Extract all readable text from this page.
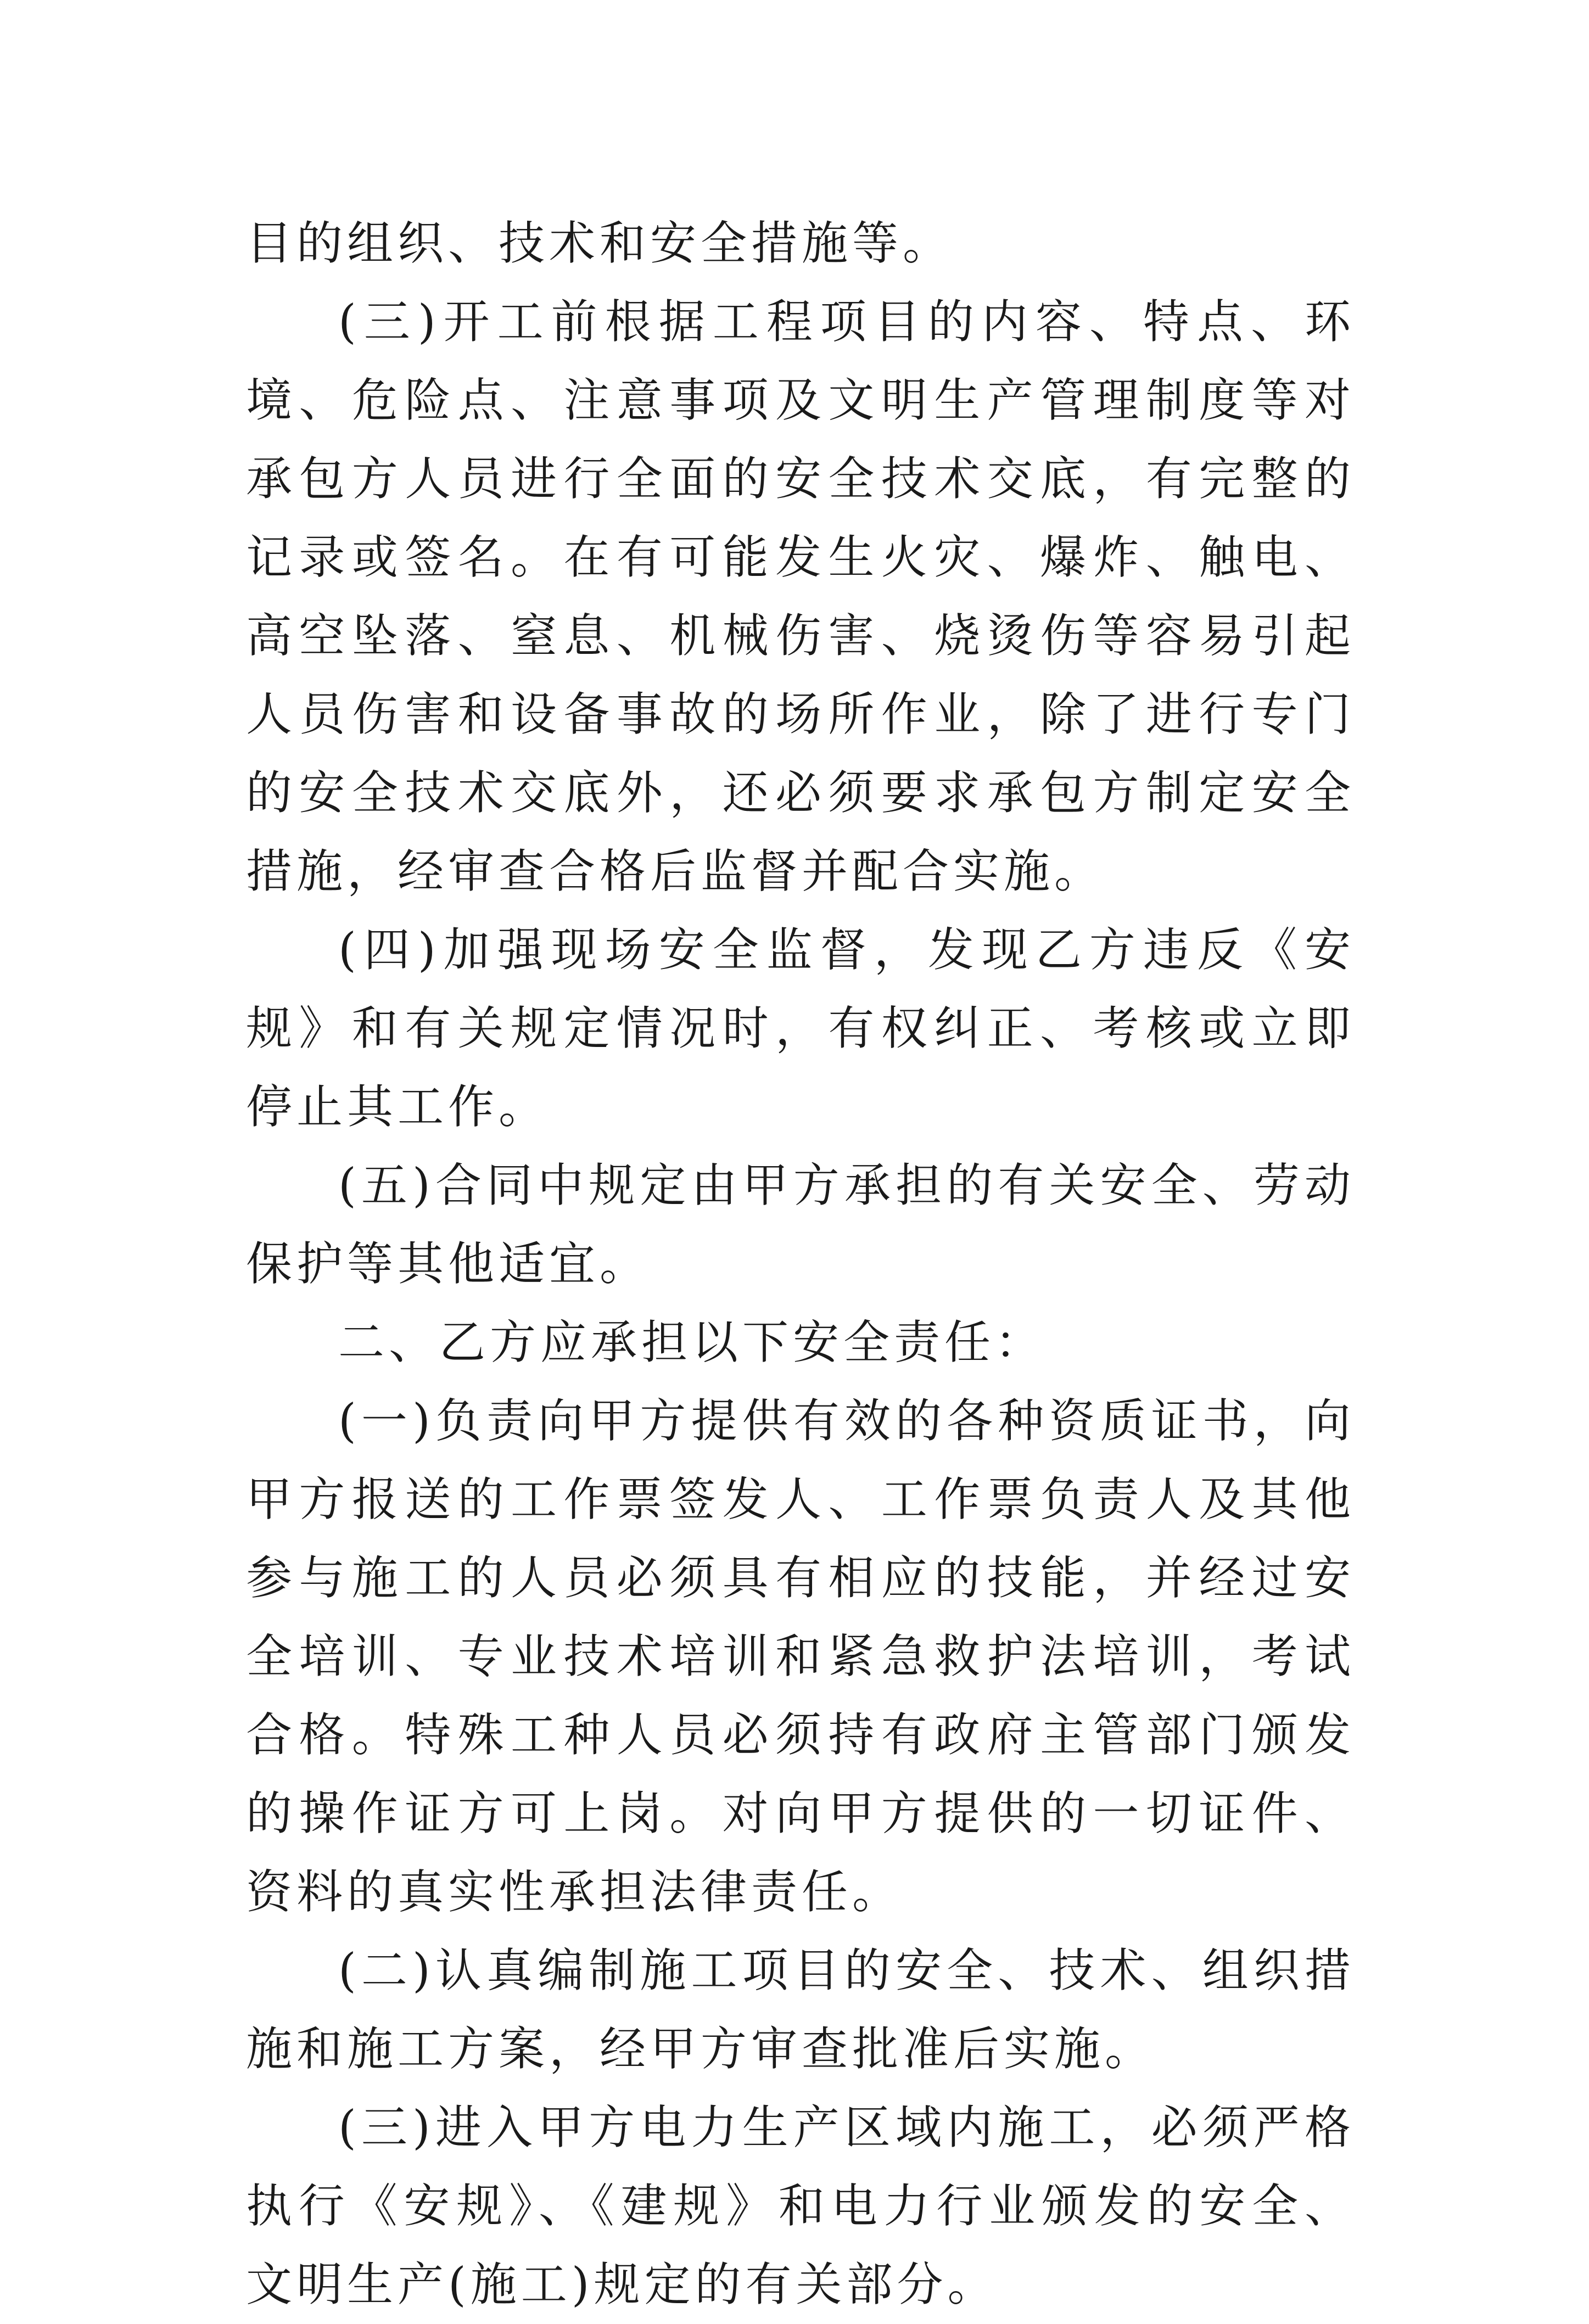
目的组织、技术和安全措施等。

(三)开工前根据工程项目的内容、特点、环境、危险点、注意事项及文明生产管理制度等对承包方人员进行全面的安全技术交底，有完整的记录或签名。在有可能发生火灾、爆炸、触电、高空坠落、窒息、机械伤害、烧烫伤等容易引起人员伤害和设备事故的场所作业，除了进行专门的安全技术交底外，还必须要求承包方制定安全措施，经审查合格后监督并配合实施。

(四)加强现场安全监督，发现乙方违反《安规》和有关规定情况时，有权纠正、考核或立即停止其工作。

(五)合同中规定由甲方承担的有关安全、劳动保护等其他适宜。

二、乙方应承担以下安全责任：

(一)负责向甲方提供有效的各种资质证书，向甲方报送的工作票签发人、工作票负责人及其他参与施工的人员必须具有相应的技能，并经过安全培训、专业技术培训和紧急救护法培训，考试合格。特殊工种人员必须持有政府主管部门颁发的操作证方可上岗。对向甲方提供的一切证件、资料的真实性承担法律责任。

(二)认真编制施工项目的安全、技术、组织措施和施工方案，经甲方审查批准后实施。

(三)进入甲方电力生产区域内施工，必须严格执行《安规》、《建规》和电力行业颁发的安全、文明生产(施工)规定的有关部分。
